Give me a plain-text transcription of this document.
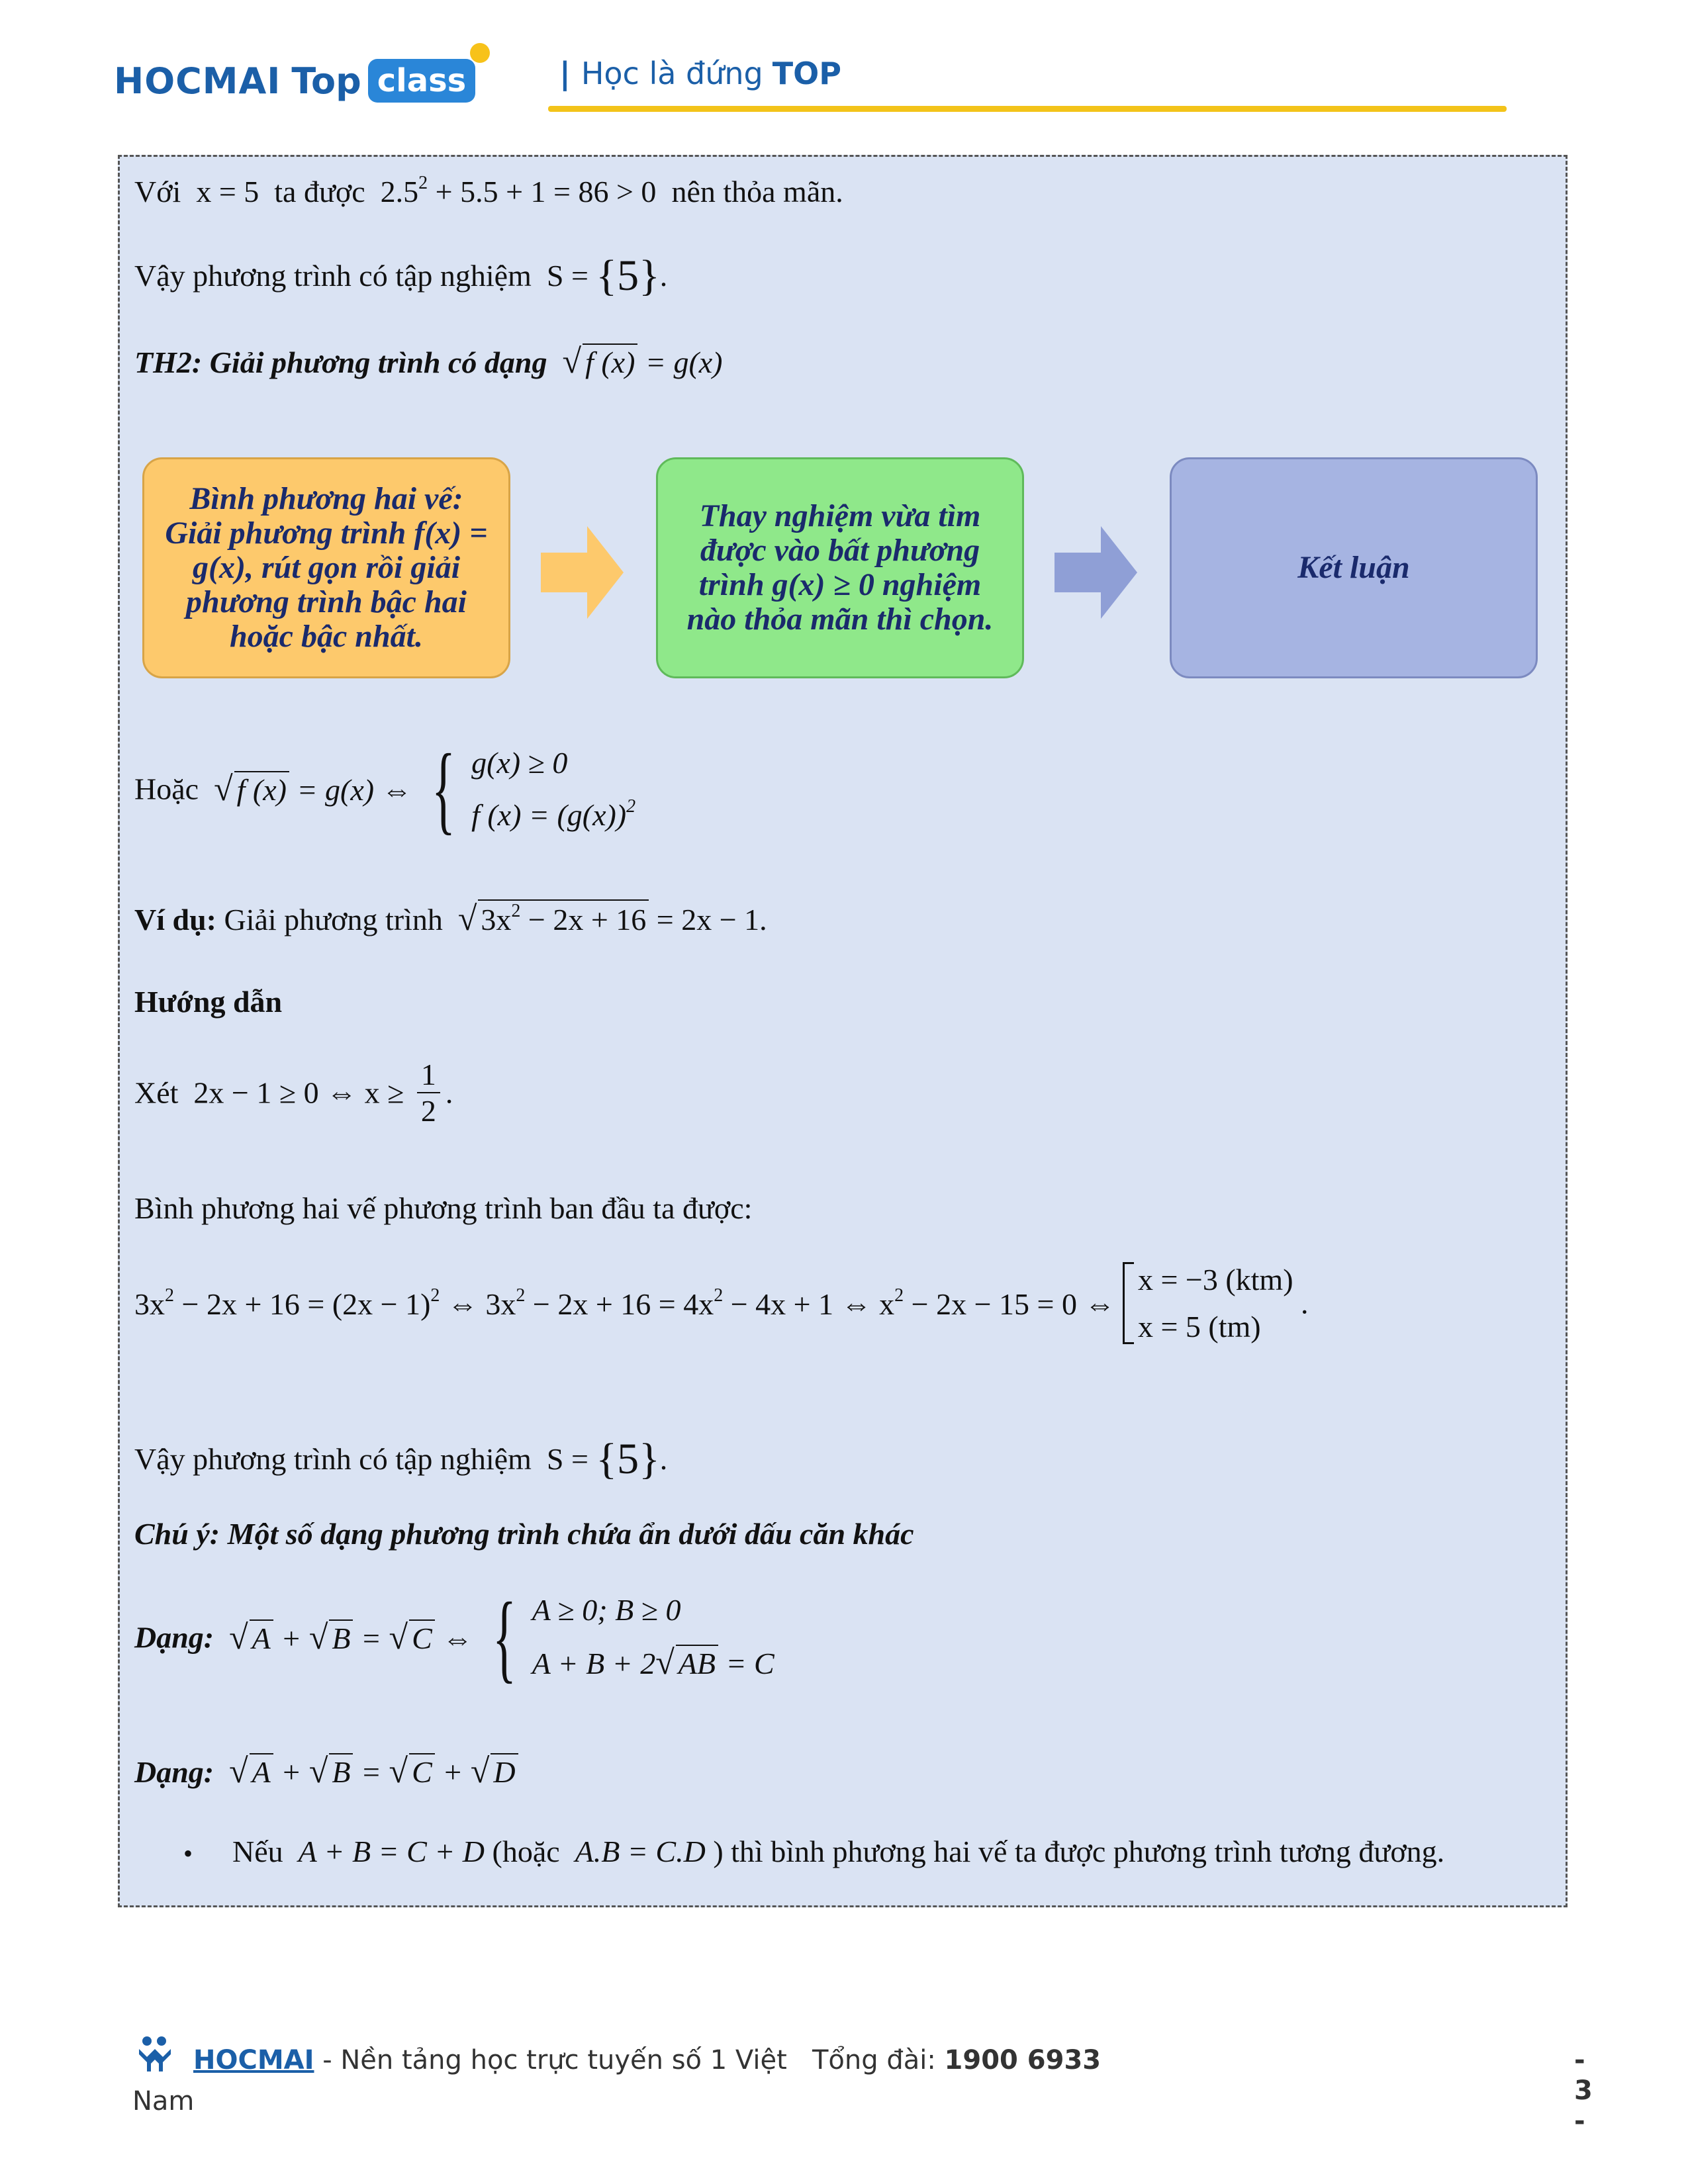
HOCMAI Top class	| Học là đứng TOP
Với x = 5 ta được $2.5^2 + 5.5 + 1 = 86 > 0$ nên thỏa mãn.
Vậy phương trình có tập nghiệm S = {5}.
TH2: Giải phương trình có dạng √ f (x) = g(x)
Bình phương hai vế: Giải phương trình f(x) = g(x), rút gọn rồi giải phương trình bậc hai hoặc bậc nhất.
Thay nghiệm vừa tìm được vào bất phương trình g(x) ≥ 0 nghiệm nào thỏa mãn thì chọn.
Kết luận
Hoặc √ f (x) = g(x) ⇔ { g(x) ≥ 0
f $(x) = (g(x))^2$
Ví dụ: Giải phương trình √ $3x^2 - 2x + 16 = 2x - 1$.
Hướng dẫn
Xét 2x − 1 ≥ 0 ⇔ $x \ge \frac{1}{2}$ .
Bình phương hai vế phương trình ban đầu ta được:
$3x^2 - 2x + 16 = (2x - 1)^2$ ⇔ $3x^2 - 2x + 16 = 4x^2 - 4x + 1$ ⇔ $x^2 - 2x - 15 = 0$ ⇔
x = −3 (ktm)
x = 5 (tm)
.
Vậy phương trình có tập nghiệm S = {5}.
Chú ý: Một số dạng phương trình chứa ẩn dưới dấu căn khác
Dạng: √ A + √ B = √ C ⇔ { A ≥ 0; B ≥ 0
A + B + 2√ AB = C
Dạng: √ A + √ B = √ C + √ D
• Nếu A + B = C + D (hoặc A.B = C.D ) thì bình phương hai vế ta được phương trình tương đương.
HOCMAI - Nền tảng học trực tuyến số 1 Việt Tổng đài: 1900 6933
Nam
- 3 -
